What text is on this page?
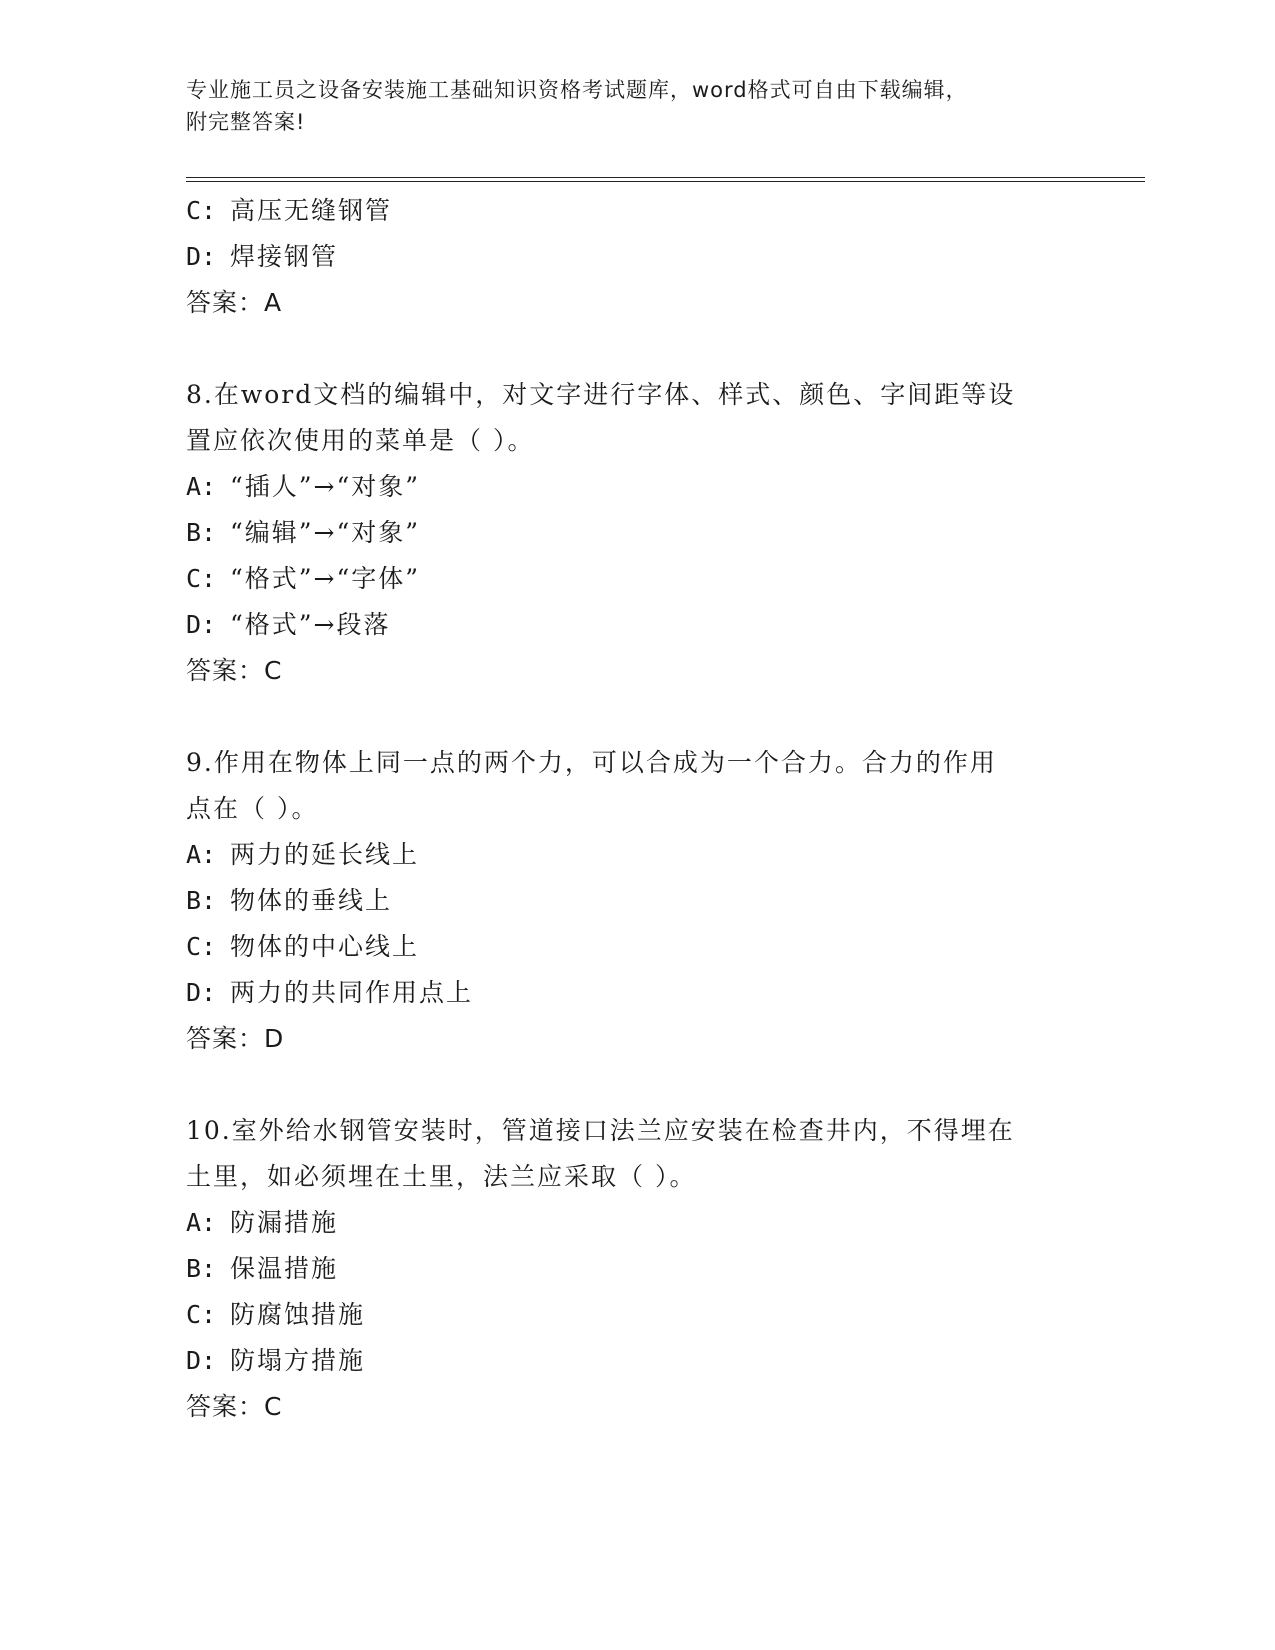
专业施工员之设备安装施工基础知识资格考试题库，word格式可自由下载编辑，
附完整答案!
C: 高压无缝钢管
D: 焊接钢管
答案：A
8.在word文档的编辑中，对文字进行字体、样式、颜色、字间距等设
置应依次使用的菜单是（ ）。
A: “插人”→“对象”
B: “编辑”→“对象”
C: “格式”→“字体”
D: “格式”→段落
答案：C
9.作用在物体上同一点的两个力，可以合成为一个合力。合力的作用
点在（ ）。
A: 两力的延长线上
B: 物体的垂线上
C: 物体的中心线上
D: 两力的共同作用点上
答案：D
10.室外给水钢管安装时，管道接口法兰应安装在检查井内，不得埋在
土里，如必须埋在土里，法兰应采取（ ）。
A: 防漏措施
B: 保温措施
C: 防腐蚀措施
D: 防塌方措施
答案：C
